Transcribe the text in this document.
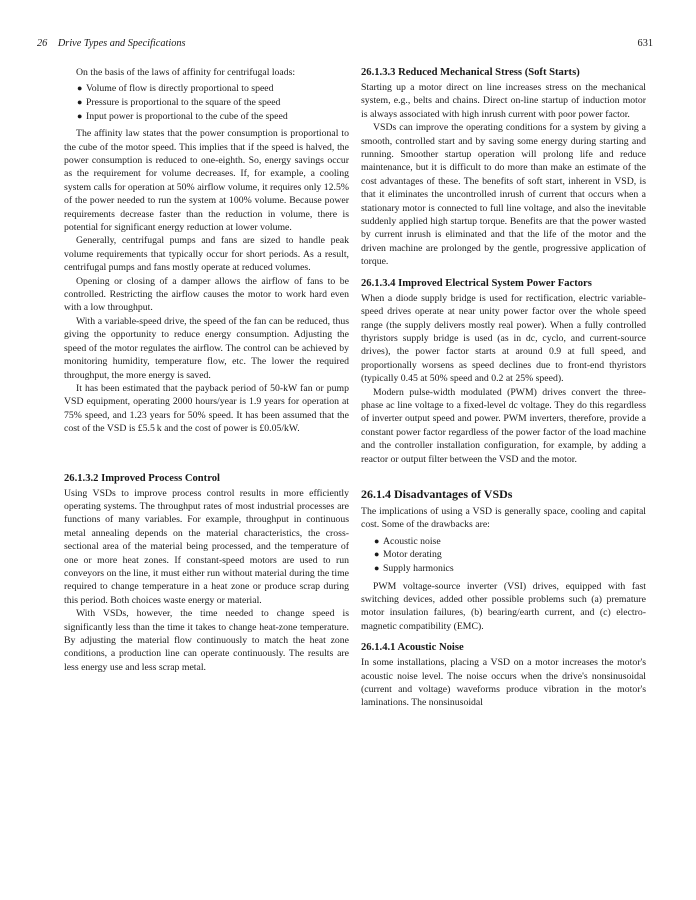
26 Drive Types and Specifications	631

On the basis of the laws of affinity for centrifugal loads:

● Volume of flow is directly proportional to speed
● Pressure is proportional to the square of the speed
● Input power is proportional to the cube of the speed

The affinity law states that the power consumption is proportional to the cube of the motor speed. This implies that if the speed is halved, the power consumption is reduced to one-eighth. So, energy savings occur as the requirement for volume decreases. If, for example, a cooling system calls for operation at 50% airflow volume, it requires only 12.5% of the power needed to run the system at 100% volume. Because power requirements decrease faster than the reduction in volume, there is potential for significant energy reduction at lower volume.

Generally, centrifugal pumps and fans are sized to handle peak volume requirements that typically occur for short periods. As a result, centrifugal pumps and fans mostly operate at reduced volumes.

Opening or closing of a damper allows the airflow of fans to be controlled. Restricting the airflow causes the motor to work hard even with a low throughput.

With a variable-speed drive, the speed of the fan can be reduced, thus giving the opportunity to reduce energy consumption. Adjusting the speed of the motor regulates the airflow. The control can be achieved by monitoring humidity, temperature flow, etc. The lower the required throughput, the more energy is saved.

It has been estimated that the payback period of 50-kW fan or pump VSD equipment, operating 2000 hours/year is 1.9 years for operation at 75% speed, and 1.23 years for 50% speed. It has been assumed that the cost of the VSD is £5.5 k and the cost of power is £0.05/kW.

26.1.3.2 Improved Process Control

Using VSDs to improve process control results in more efficiently operating systems. The throughput rates of most industrial processes are functions of many variables. For example, throughput in continuous metal annealing depends on the material characteristics, the cross-sectional area of the material being processed, and the temperature of one or more heat zones. If constant-speed motors are used to run conveyors on the line, it must either run without material during the time required to change temperature in a heat zone or produce scrap during this period. Both choices waste energy or material.

With VSDs, however, the time needed to change speed is significantly less than the time it takes to change heat-zone temperature. By adjusting the material flow continuously to match the heat zone conditions, a production line can operate continuously. The results are less energy use and less scrap metal.

26.1.3.3 Reduced Mechanical Stress (Soft Starts)

Starting up a motor direct on line increases stress on the mechanical system, e.g., belts and chains. Direct on-line startup of induction motor is always associated with high inrush current with poor power factor.

VSDs can improve the operating conditions for a system by giving a smooth, controlled start and by saving some energy during starting and running. Smoother startup operation will prolong life and reduce maintenance, but it is difficult to do more than make an estimate of the cost advantages of these. The benefits of soft start, inherent in VSD, is that it eliminates the uncontrolled inrush of current that occurs when a stationary motor is connected to full line voltage, and also the inevitable suddenly applied high startup torque. Benefits are that the power wasted by current inrush is eliminated and that the life of the motor and the driven machine are prolonged by the gentle, progressive application of torque.

26.1.3.4 Improved Electrical System Power Factors

When a diode supply bridge is used for rectification, electric variable-speed drives operate at near unity power factor over the whole speed range (the supply delivers mostly real power). When a fully controlled thyristors supply bridge is used (as in dc, cyclo, and current-source drives), the power factor starts at around 0.9 at full speed, and proportionally worsens as speed declines due to front-end thyristors (typically 0.45 at 50% speed and 0.2 at 25% speed).

Modern pulse-width modulated (PWM) drives convert the three-phase ac line voltage to a fixed-level dc voltage. They do this regardless of inverter output speed and power. PWM inverters, therefore, provide a constant power factor regardless of the power factor of the load machine and the controller installation configuration, for example, by adding a reactor or output filter between the VSD and the motor.

26.1.4 Disadvantages of VSDs

The implications of using a VSD is generally space, cooling and capital cost. Some of the drawbacks are:

● Acoustic noise
● Motor derating
● Supply harmonics

PWM voltage-source inverter (VSI) drives, equipped with fast switching devices, added other possible problems such (a) premature motor insulation failures, (b) bearing/earth current, and (c) electro-magnetic compatibility (EMC).

26.1.4.1 Acoustic Noise

In some installations, placing a VSD on a motor increases the motor's acoustic noise level. The noise occurs when the drive's nonsinusoidal (current and voltage) waveforms produce vibration in the motor's laminations. The nonsinusoidal
